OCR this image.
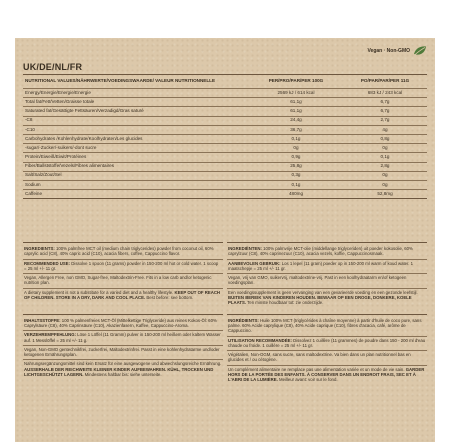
Vegan · Non-GMO
UK/DE/NL/FR
NUTRITIONAL VALUES/NÄHRWERTE/VOEDINGSWAARDE/ VALEUR NUTRITIONNELLE	PER/PRO/PAR/PER 100G	PO/PAR/PAR/PER 11G
Energy/Energie/Energie/Energie	2569 kJ / 614 kcal	683 kJ / 243 kcal
Total fat/Fett/Vetten/Graisse totale	61,1g	6,7g
Saturated fat/Gesättigte Fettsäuren/Verzadigd/Gras saturé	61,1g	6,7g
-C8	24,4g	2,7g
-C10	36,7g	4g
Carbohydrates /Kohlenhydrate/Koolhydraten/Les glucides	0,1g	0,8g
-sugar/-Zucker/-suikers/-dont sucre	0g	0g
Protein/Eiweiß/Eiwit/Protéines	0,9g	0,1g
Fiber/Ballststoffe/Vezels/Fibres alimentaires	25,8g	2,8g
Salt/Salz/Zout/Sel	0,3g	0g
Sodium	0,1g	0g
Caffeine	480mg	52,8mg
INGREDIENTS: 100% palmfree MCT oil (medium chain triglycerides) powder from coconut oil, 60% caprylic acid (C8), 40% capric acid (C10), acacia fibers, coffee, Cappuccino flavor.
RECOMMENDED USE: Dissolve 1 spoon (11 grams) powder in 150-200 ml hot or cold water. 1 scoop = 25 ml +/- 11 gr.
Vegan, Allergen Free, non GMO, Sugar-free, Maltodextrin-Free. Fits in a low carb and/or ketogenic nutrition plan.
A dietary supplement is not a substitute for a varied diet and a healthy lifestyle. KEEP OUT OF REACH OF CHILDREN. STORE IN A DRY, DARK AND COOL PLACE. Best before: see bottom.
INGREDIËNTEN: 100% palmvrije MCT-olie (middellange triglyceriden) uit poeder kokosolie, 60% caprylzuur (C8), 40% caprinezuur (C10), acacia vezels, koffie, Cappuccinosmaak.
AANBEVOLEN GEBRUIK: Los 1 lepel (11 gram) poeder op in 150-200 ml warm of koud water. 1 maatschepje = 25 ml +/- 11 gr.
Vegan, vrij van GMO, suikervrij, maltodextrine-vrij. Past in een koolhydraatarm en/of ketogeen voedingsplan.
Een voedingssupplement is geen vervanging van een gevarieerde voeding en een gezonde leefstijl. BUITEN BEREIK VAN KINDEREN HOUDEN. BEWAAR OP EEN DROGE, DONKERE, KOELE PLAATS. Ten minste houdbaar tot: zie onderzijde.
INHALTSSTOFFE: 100 % palmenfreies MCT-Öl (Mittelkettige Triglyceride) aus reines Kokos-Öl: 60% Caprylsäure (C8), 40% Caprinsäure (C10), Akazienfasern, Kaffee, Cappuccino-Aroma.
VERZEHREMPFEHLUNG: Löse 1 Löffel (11 Gramm) pulver in 150-200 ml heißem oder kaltem Wasser auf. 1 Messlöffel = 25 ml +/- 11 g.
Vegan, Non-GMO gentechnikfrei, zuckerfrei, Maltodextrinfrei. Passt in eine kohlenhydratarme und/oder ketogenen Ernährungsplan.
Nahrungsergänzungsmittel sind kein Ersatz für eine ausgewogene und abwechslungsreiche Ernährung. AUSSERHALB DER REICHWEITE KLEINER KINDER AUFBEWAHREN. KÜHL, TROCKEN UND LICHTGESCHÜTZT LAGERN. Mindestens haltbar bis: siehe unterseite.
INGRÉDIENTS: Huile 100% MCT (triglycérides à chaîne moyenne) à partir d'huile de coco pure, sans palme. 60% Acide caprylique (C8), 40% Acide caprique (C10), fibres d'acacia, café, arôme de Cappuccino.
UTILISATION RECOMMANDÉE: Dissolvez 1 cuillère (11 grammes) de poudre dans 150 - 200 ml d'eau chaude ou froide. 1 cuillère = 25 ml +/- 11 gr.
Végétalien, Non-OGM, sans sucre, sans maltodextrine. Va bien dans un plan nutritionnel bas en glucides et / ou cétogène.
Un complément alimentaire ne remplace pas une alimentation variée et un mode de vie sain. GARDER HORS DE LA PORTÉE DES ENFANTS. À CONSERVER DANS UN ENDROIT FRAIS, SEC ET À L'ABRI DE LA LUMIÈRE. Meilleur avant: voir sur le fond.
